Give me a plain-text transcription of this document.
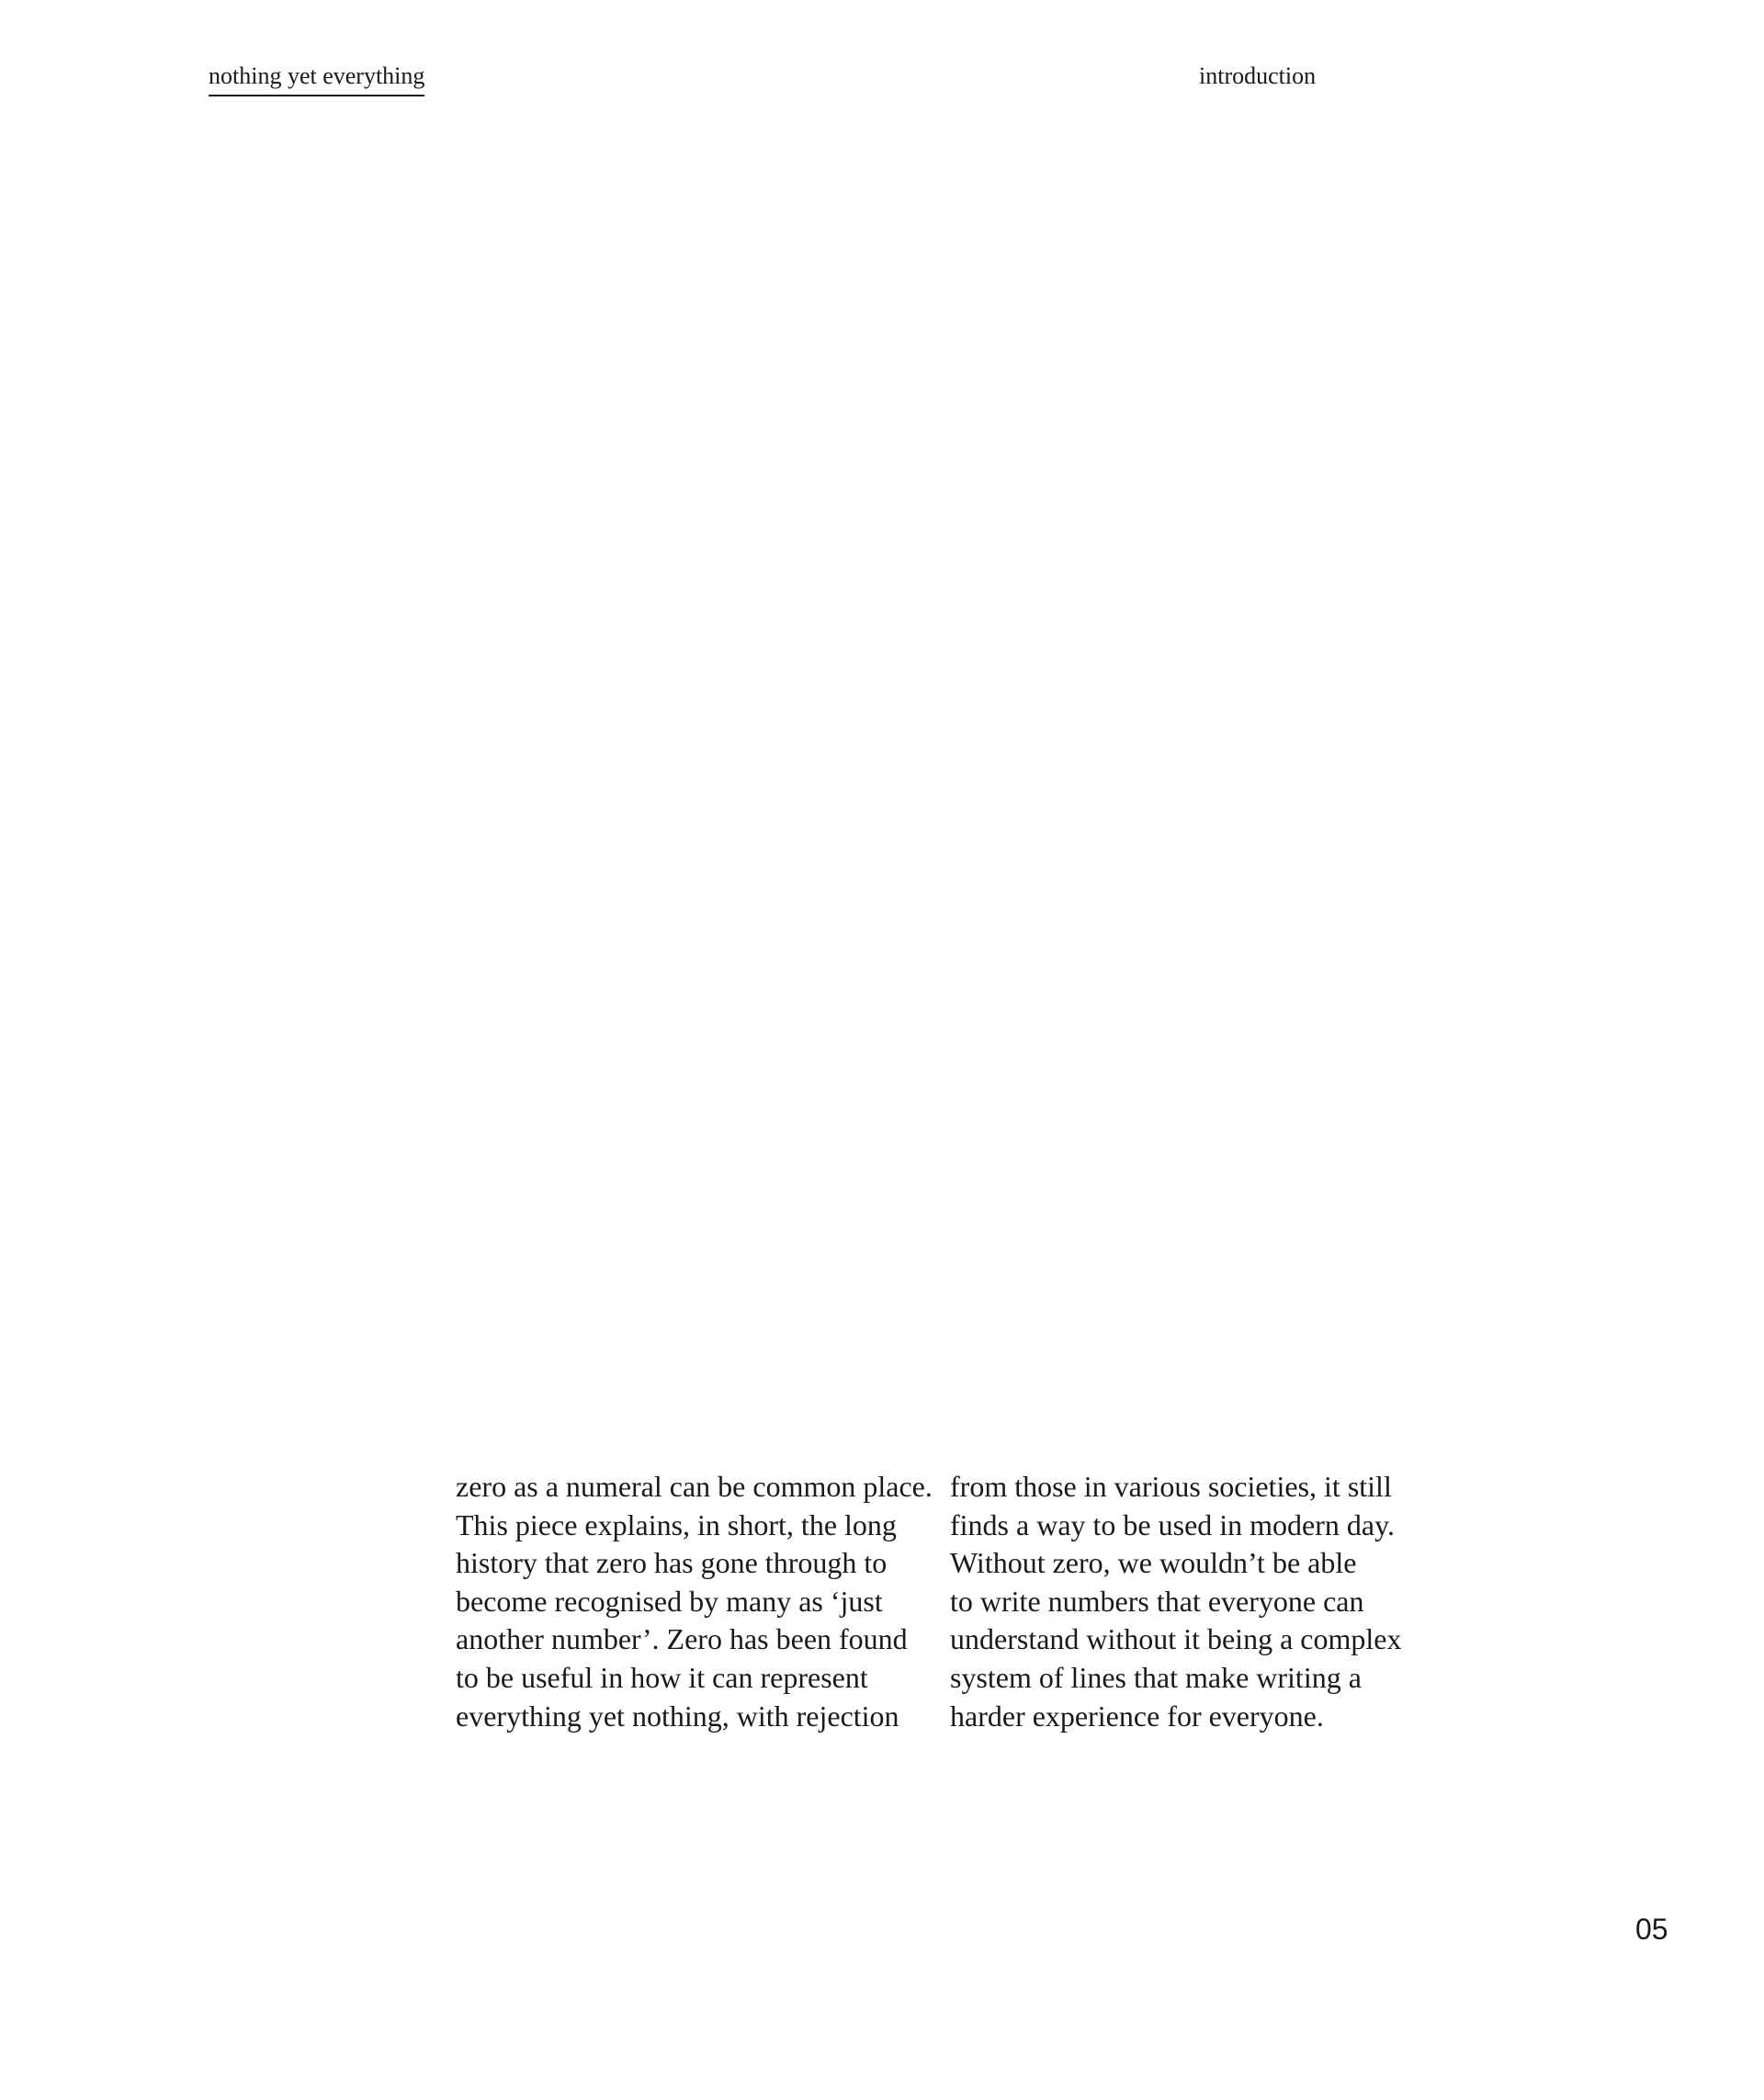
nothing yet everything	introduction
zero as a numeral can be common place.
This piece explains, in short, the long
history that zero has gone through to
become recognised by many as ‘just
another number’. Zero has been found
to be useful in how it can represent
everything yet nothing, with rejection
from those in various societies, it still
finds a way to be used in modern day.
Without zero, we wouldn’t be able
to write numbers that everyone can
understand without it being a complex
system of lines that make writing a
harder experience for everyone.
05
